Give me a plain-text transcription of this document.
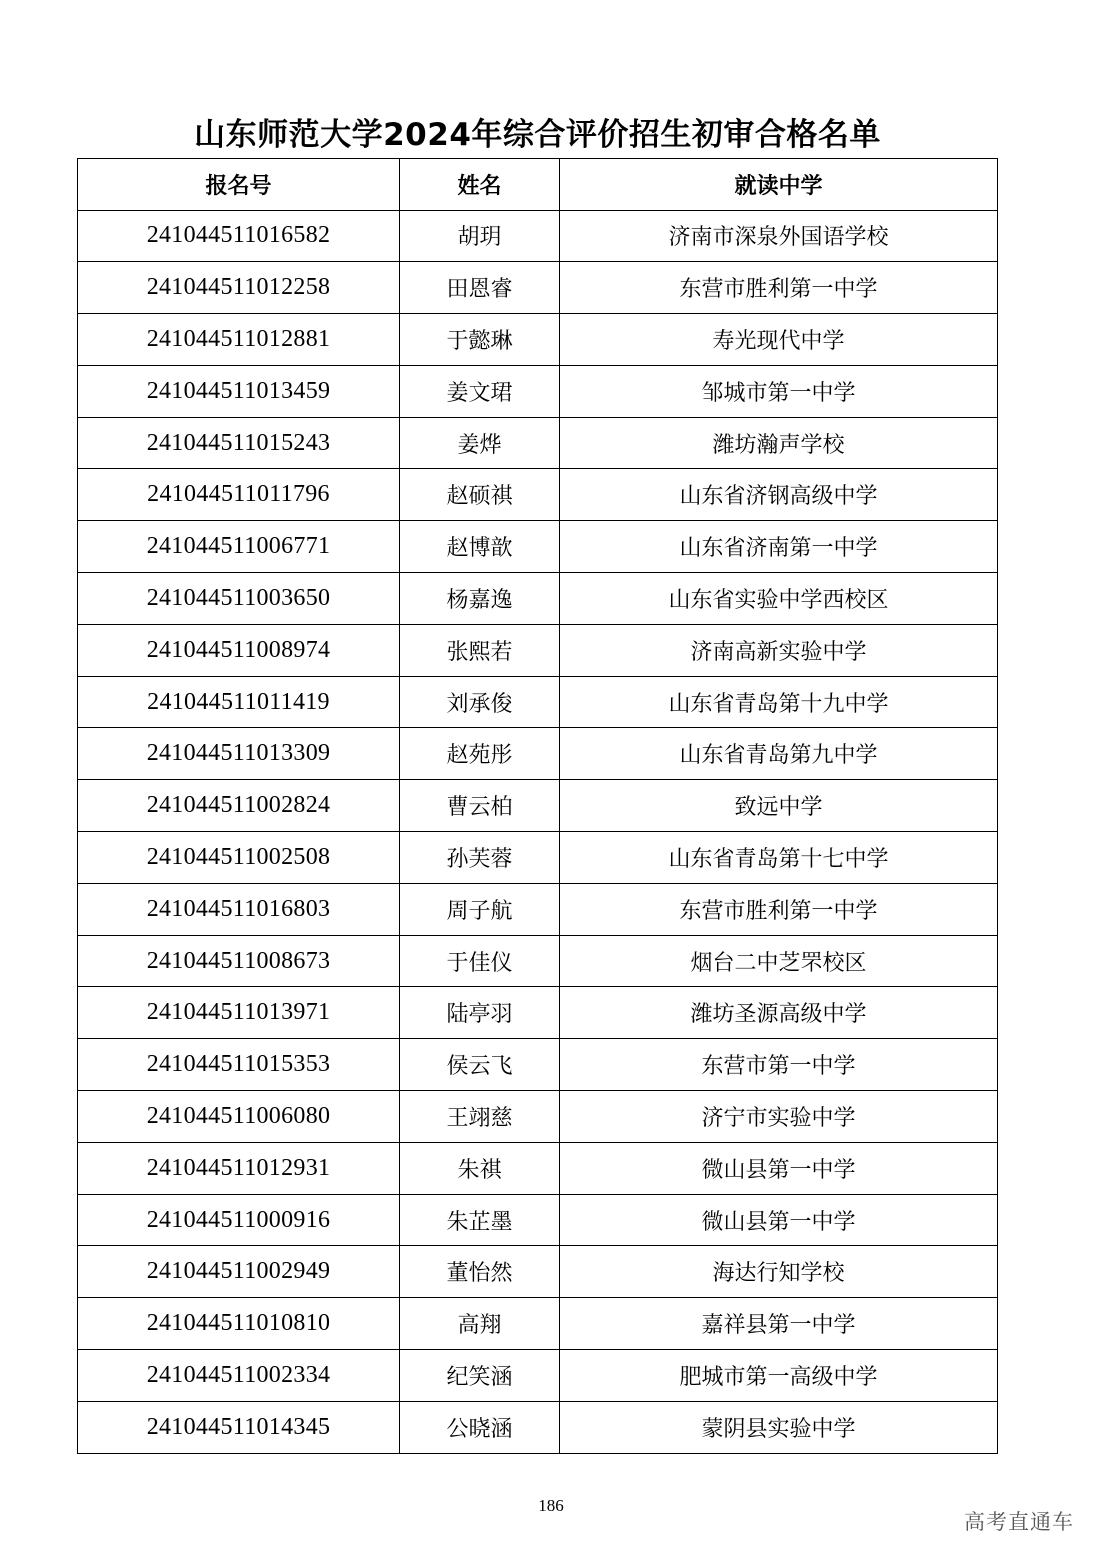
山东师范大学2024年综合评价招生初审合格名单
报名号	姓名	就读中学
241044511016582	胡玥	济南市深泉外国语学校
241044511012258	田恩睿	东营市胜利第一中学
241044511012881	于懿琳	寿光现代中学
241044511013459	姜文珺	邹城市第一中学
241044511015243	姜烨	潍坊瀚声学校
241044511011796	赵硕祺	山东省济钢高级中学
241044511006771	赵博歆	山东省济南第一中学
241044511003650	杨嘉逸	山东省实验中学西校区
241044511008974	张熙若	济南高新实验中学
241044511011419	刘承俊	山东省青岛第十九中学
241044511013309	赵苑彤	山东省青岛第九中学
241044511002824	曹云柏	致远中学
241044511002508	孙芙蓉	山东省青岛第十七中学
241044511016803	周子航	东营市胜利第一中学
241044511008673	于佳仪	烟台二中芝罘校区
241044511013971	陆亭羽	潍坊圣源高级中学
241044511015353	侯云飞	东营市第一中学
241044511006080	王翊慈	济宁市实验中学
241044511012931	朱祺	微山县第一中学
241044511000916	朱芷墨	微山县第一中学
241044511002949	董怡然	海达行知学校
241044511010810	高翔	嘉祥县第一中学
241044511002334	纪笑涵	肥城市第一高级中学
241044511014345	公晓涵	蒙阴县实验中学
186
高考直通车
